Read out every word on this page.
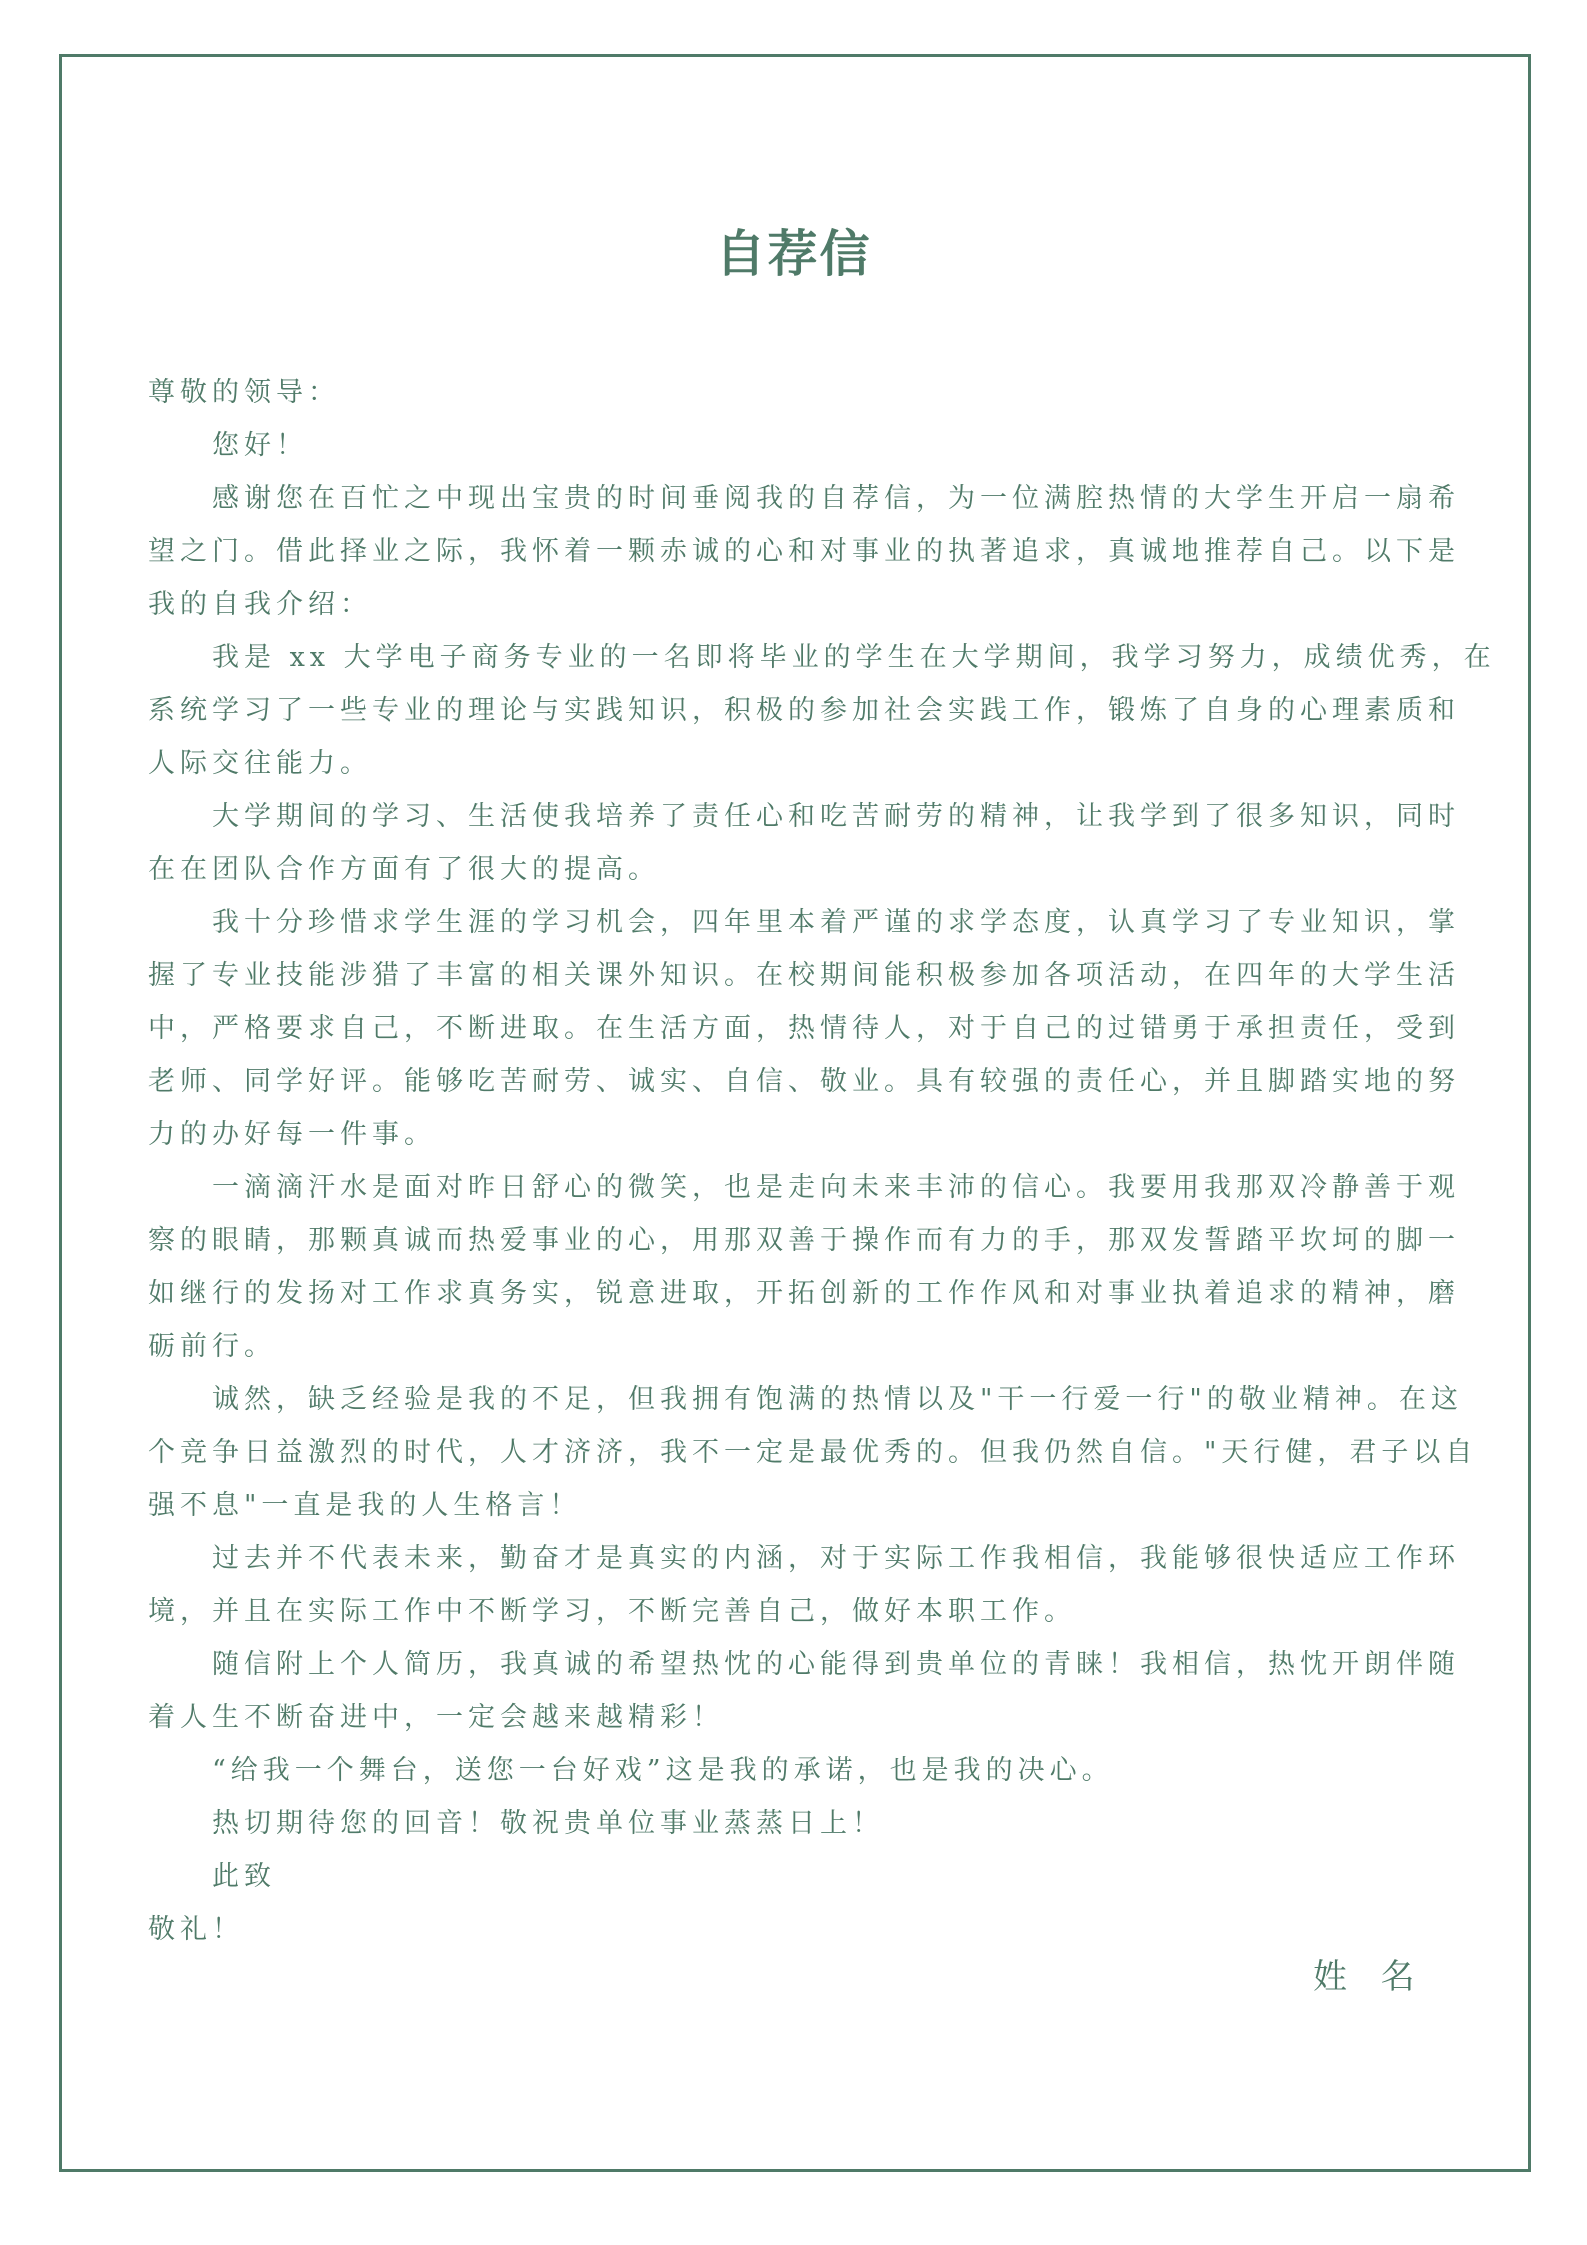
自荐信
尊敬的领导：
您好！
感谢您在百忙之中现出宝贵的时间垂阅我的自荐信，为一位满腔热情的大学生开启一扇希
望之门。借此择业之际，我怀着一颗赤诚的心和对事业的执著追求，真诚地推荐自己。以下是
我的自我介绍：
我是 xx 大学电子商务专业的一名即将毕业的学生在大学期间，我学习努力，成绩优秀，在
系统学习了一些专业的理论与实践知识，积极的参加社会实践工作，锻炼了自身的心理素质和
人际交往能力。
大学期间的学习、生活使我培养了责任心和吃苦耐劳的精神，让我学到了很多知识，同时
在在团队合作方面有了很大的提高。
我十分珍惜求学生涯的学习机会，四年里本着严谨的求学态度，认真学习了专业知识，掌
握了专业技能涉猎了丰富的相关课外知识。在校期间能积极参加各项活动，在四年的大学生活
中，严格要求自己，不断进取。在生活方面，热情待人，对于自己的过错勇于承担责任，受到
老师、同学好评。能够吃苦耐劳、诚实、自信、敬业。具有较强的责任心，并且脚踏实地的努
力的办好每一件事。
一滴滴汗水是面对昨日舒心的微笑，也是走向未来丰沛的信心。我要用我那双冷静善于观
察的眼睛，那颗真诚而热爱事业的心，用那双善于操作而有力的手，那双发誓踏平坎坷的脚一
如继行的发扬对工作求真务实，锐意进取，开拓创新的工作作风和对事业执着追求的精神，磨
砺前行。
诚然，缺乏经验是我的不足，但我拥有饱满的热情以及"干一行爱一行"的敬业精神。在这
个竞争日益激烈的时代，人才济济，我不一定是最优秀的。但我仍然自信。"天行健，君子以自
强不息"一直是我的人生格言！
过去并不代表未来，勤奋才是真实的内涵，对于实际工作我相信，我能够很快适应工作环
境，并且在实际工作中不断学习，不断完善自己，做好本职工作。
随信附上个人简历，我真诚的希望热忱的心能得到贵单位的青睐！我相信，热忱开朗伴随
着人生不断奋进中，一定会越来越精彩！
“给我一个舞台，送您一台好戏”这是我的承诺，也是我的决心。
热切期待您的回音！敬祝贵单位事业蒸蒸日上！
此致
敬礼！
姓  名
